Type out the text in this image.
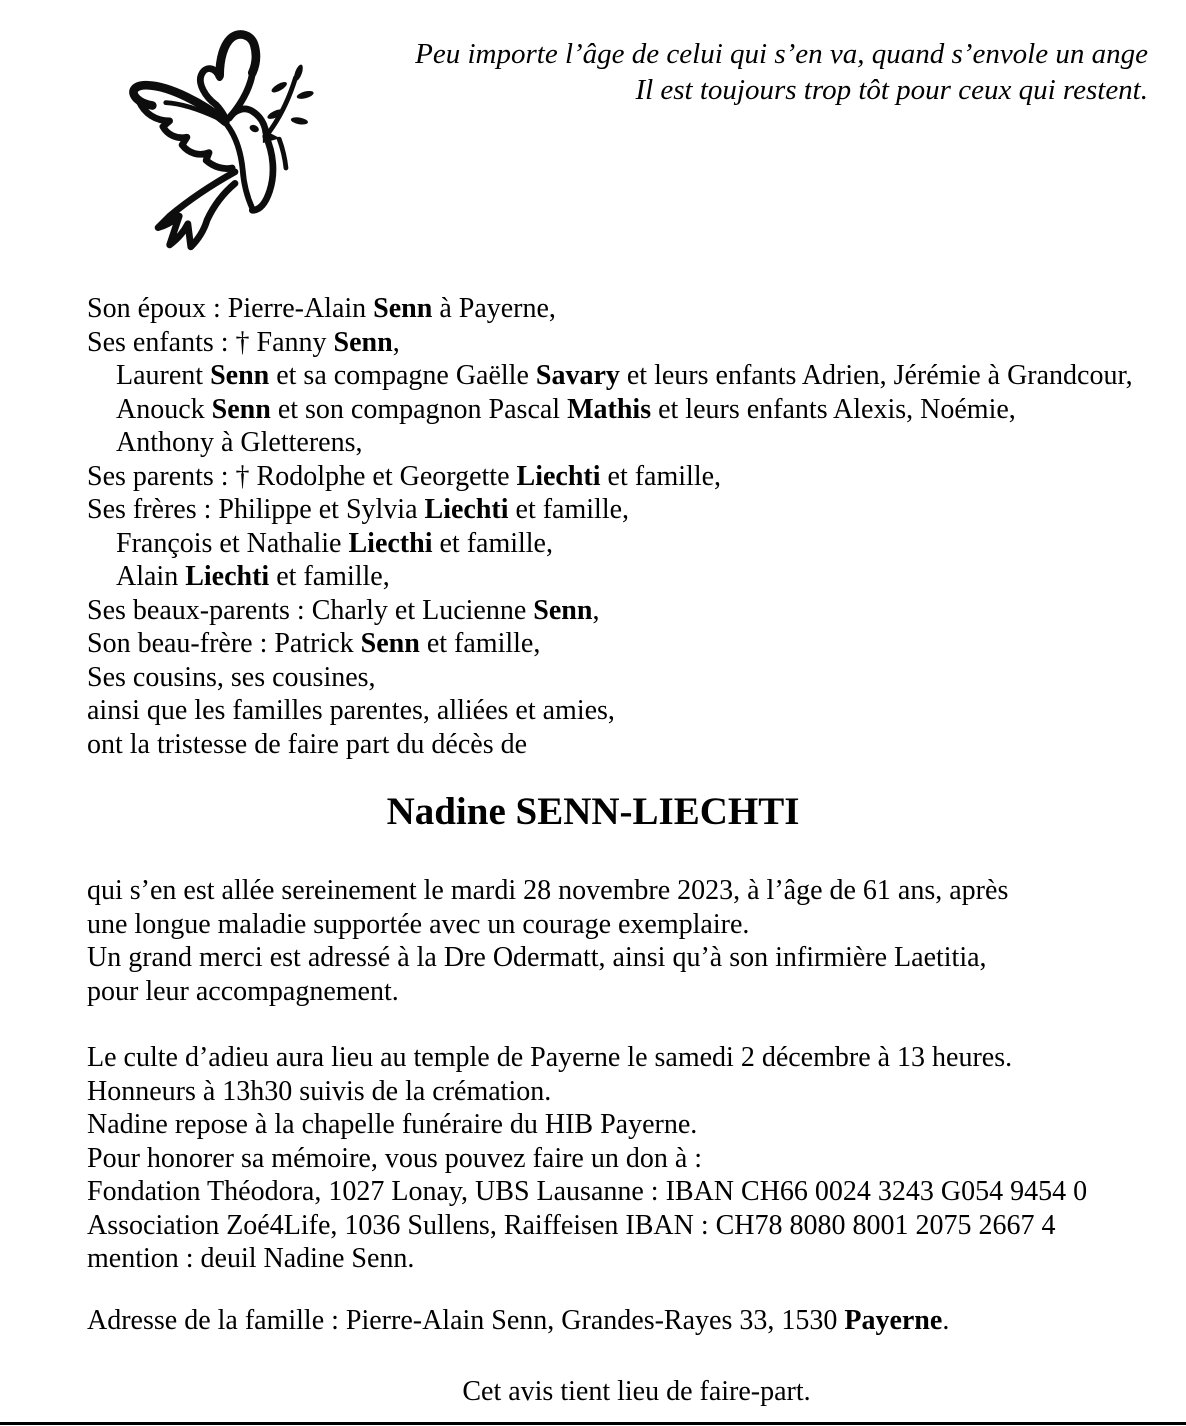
Peu importe l’âge de celui qui s’en va, quand s’envole un ange
Il est toujours trop tôt pour ceux qui restent.
Son époux : Pierre-Alain Senn à Payerne,
Ses enfants : † Fanny Senn,
Laurent Senn et sa compagne Gaëlle Savary et leurs enfants Adrien, Jérémie à Grandcour,
Anouck Senn et son compagnon Pascal Mathis et leurs enfants Alexis, Noémie,
Anthony à Gletterens,
Ses parents : † Rodolphe et Georgette Liechti et famille,
Ses frères : Philippe et Sylvia Liechti et famille,
François et Nathalie Liecthi et famille,
Alain Liechti et famille,
Ses beaux-parents : Charly et Lucienne Senn,
Son beau-frère : Patrick Senn et famille,
Ses cousins, ses cousines,
ainsi que les familles parentes, alliées et amies,
ont la tristesse de faire part du décès de
Nadine SENN-LIECHTI
qui s’en est allée sereinement le mardi 28 novembre 2023, à l’âge de 61 ans, après
une longue maladie supportée avec un courage exemplaire.
Un grand merci est adressé à la Dre Odermatt, ainsi qu’à son infirmière Laetitia,
pour leur accompagnement.
Le culte d’adieu aura lieu au temple de Payerne le samedi 2 décembre à 13 heures.
Honneurs à 13h30 suivis de la crémation.
Nadine repose à la chapelle funéraire du HIB Payerne.
Pour honorer sa mémoire, vous pouvez faire un don à :
Fondation Théodora, 1027 Lonay, UBS Lausanne : IBAN CH66 0024 3243 G054 9454 0
Association Zoé4Life, 1036 Sullens, Raiffeisen IBAN : CH78 8080 8001 2075 2667 4
mention : deuil Nadine Senn.
Adresse de la famille : Pierre-Alain Senn, Grandes-Rayes 33, 1530 Payerne.
Cet avis tient lieu de faire-part.
